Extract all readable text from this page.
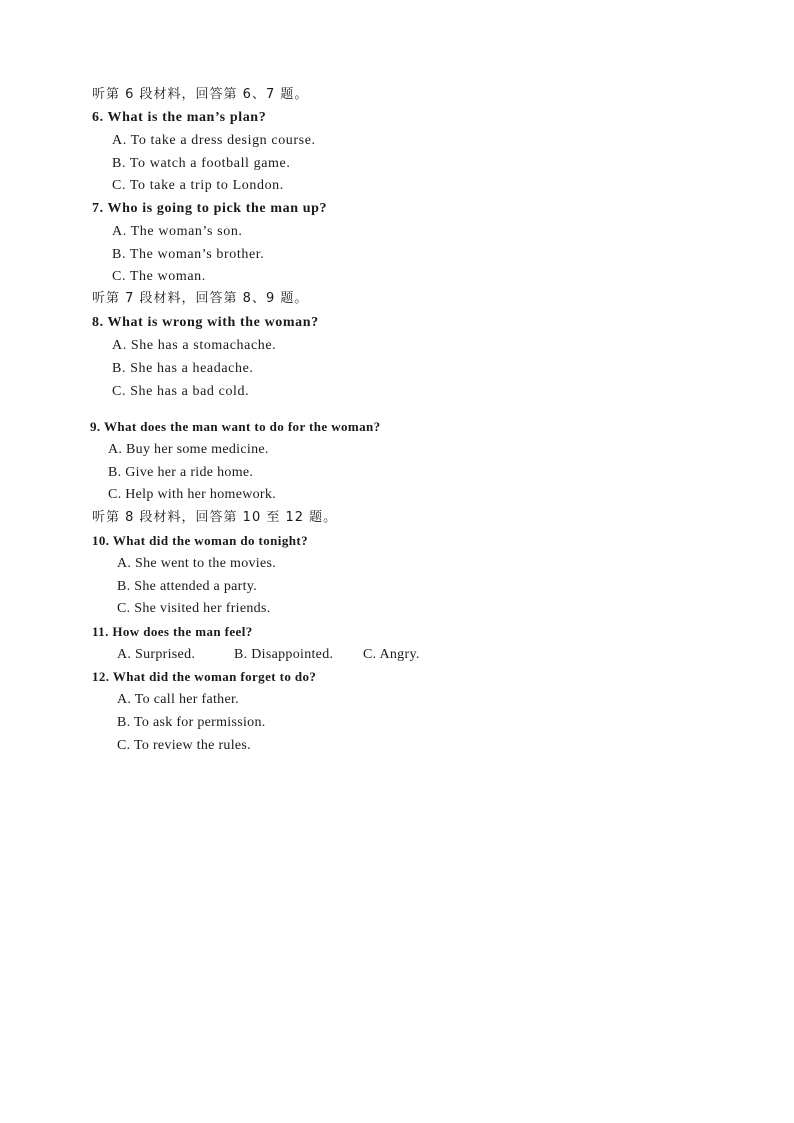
听第 6 段材料，回答第 6、7 题。
6. What is the man’s plan?
A. To take a dress design course.
B. To watch a football game.
C. To take a trip to London.
7. Who is going to pick the man up?
A. The woman’s son.
B. The woman’s brother.
C. The woman.
听第 7 段材料，回答第 8、9 题。
8. What is wrong with the woman?
A. She has a stomachache.
B. She has a headache.
C. She has a bad cold.
9. What does the man want to do for the woman?
A. Buy her some medicine.
B. Give her a ride home.
C. Help with her homework.
听第 8 段材料，回答第 10 至 12 题。
10. What did the woman do tonight?
A. She went to the movies.
B. She attended a party.
C. She visited her friends.
11. How does the man feel?
A. Surprised.	B. Disappointed. C. Angry.
12. What did the woman forget to do?
A. To call her father.
B. To ask for permission.
C. To review the rules.
